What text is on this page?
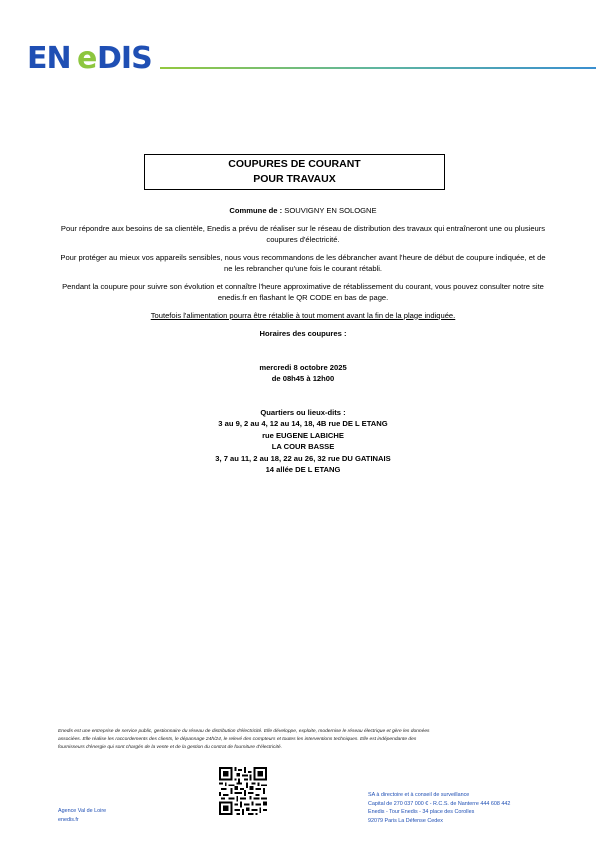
EN e DIS
COUPURES DE COURANT
POUR TRAVAUX

Commune de : SOUVIGNY EN SOLOGNE

Pour répondre aux besoins de sa clientèle, Enedis a prévu de réaliser sur le réseau de distribution des travaux qui entraîneront une ou plusieurs coupures d'électricité.

Pour protéger au mieux vos appareils sensibles, nous vous recommandons de les débrancher avant l'heure de début de coupure indiquée, et de ne les rebrancher qu'une fois le courant rétabli.

Pendant la coupure pour suivre son évolution et connaître l'heure approximative de rétablissement du courant, vous pouvez consulter notre site enedis.fr en flashant le QR CODE en bas de page.

Toutefois l'alimentation pourra être rétablie à tout moment avant la fin de la plage indiquée.

Horaires des coupures :

mercredi 8 octobre 2025
de 08h45 à 12h00
Quartiers ou lieux-dits :
3 au 9, 2 au 4, 12 au 14, 18, 4B rue DE L ETANG
rue EUGENE LABICHE
LA COUR BASSE
3, 7 au 11, 2 au 18, 22 au 26, 32 rue DU GATINAIS
14 allée DE L ETANG
Enedis est une entreprise de service public, gestionnaire du réseau de distribution d'électricité. Elle développe, exploite, modernise le réseau électrique et gère les données
associées. Elle réalise les raccordements des clients, le dépannage 24h/24, le relevé des compteurs et toutes les interventions techniques. Elle est indépendante des
fournisseurs d'énergie qui sont chargés de la vente et de la gestion du contrat de fourniture d'électricité.
Agence Val de Loire
enedis.fr
SA à directoire et à conseil de surveillance
Capital de 270 037 000 € - R.C.S. de Nanterre 444 608 442
Enedis - Tour Enedis - 34 place des Corolles
92079 Paris La Défense Cedex
